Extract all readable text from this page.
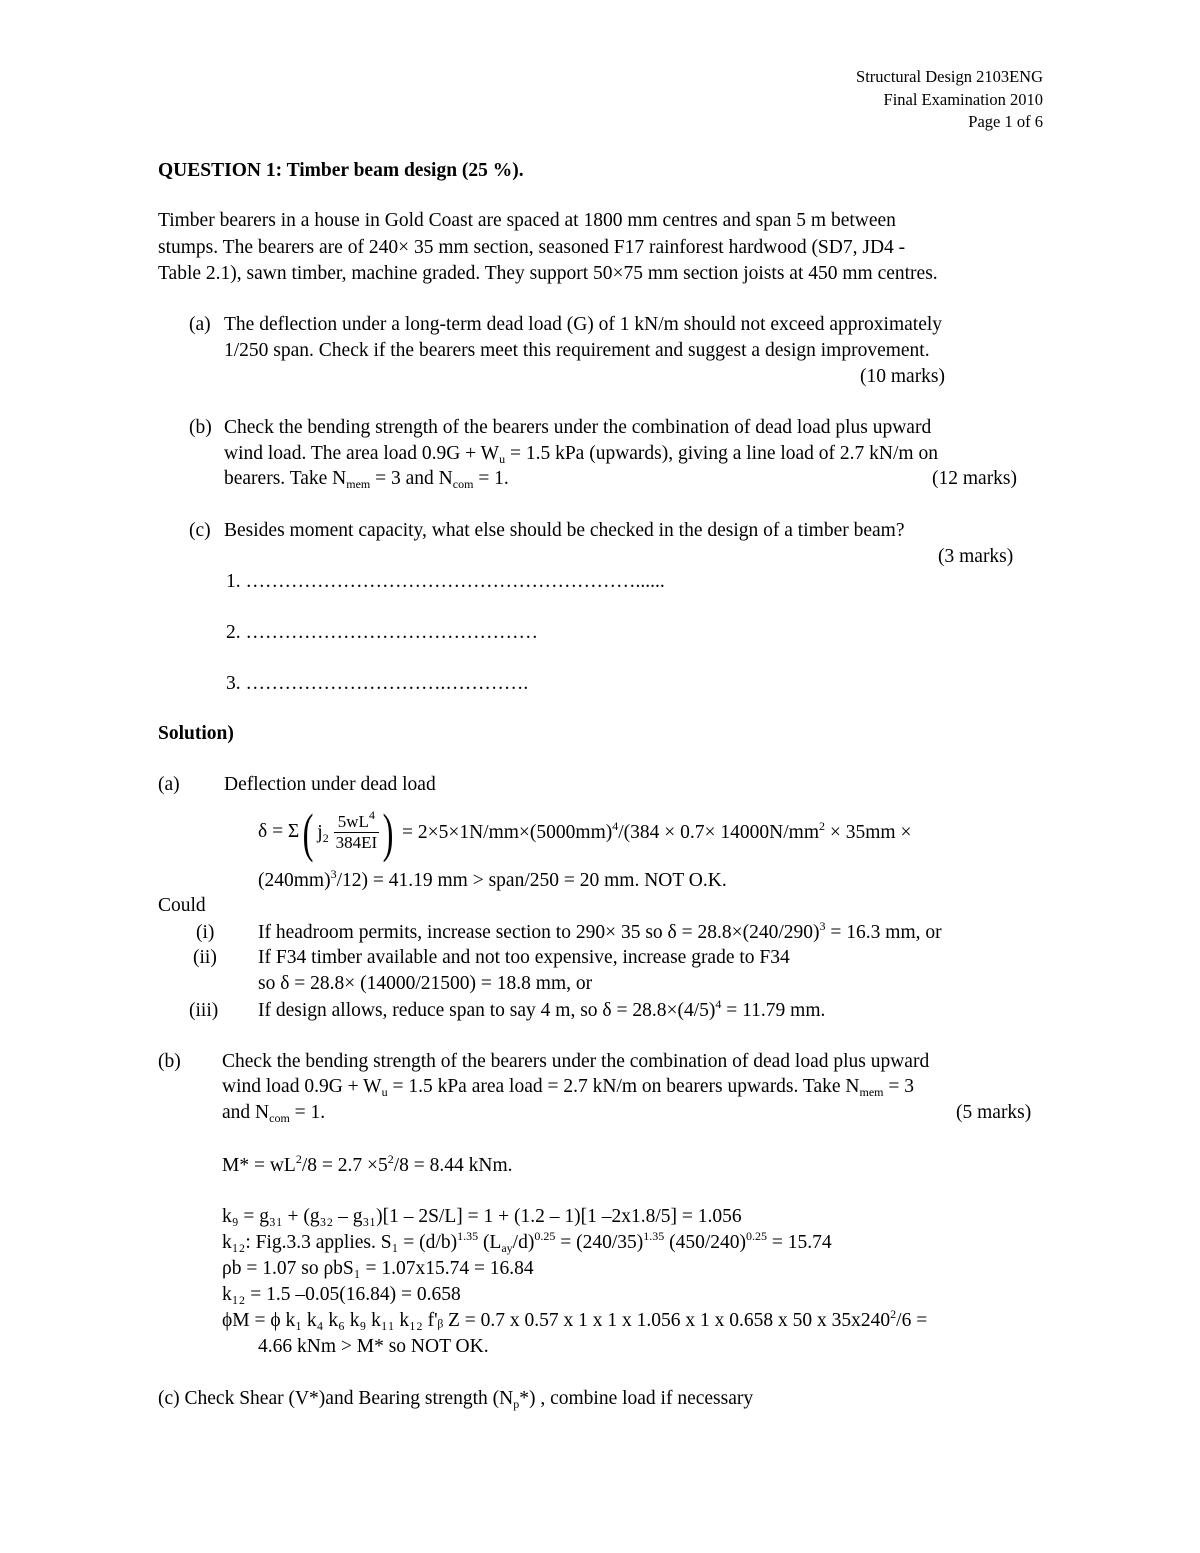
Structural Design 2103ENG
Final Examination 2010
Page 1 of 6
QUESTION 1: Timber beam design (25 %).
Timber bearers in a house in Gold Coast are spaced at 1800 mm centres and span 5 m between
stumps. The bearers are of 240× 35 mm section, seasoned F17 rainforest hardwood (SD7, JD4 -
Table 2.1), sawn timber, machine graded. They support 50×75 mm section joists at 450 mm centres.
(a) The deflection under a long-term dead load (G) of 1 kN/m should not exceed approximately
1/250 span. Check if the bearers meet this requirement and suggest a design improvement.
(10 marks)
(b) Check the bending strength of the bearers under the combination of dead load plus upward
wind load. The area load $0.9G + W_u = 1.5$ kPa (upwards), giving a line load of 2.7 kN/m on
bearers. Take $N_{mem} = 3$ and $N_{com} = 1$.	(12 marks)
(c) Besides moment capacity, what else should be checked in the design of a timber beam?
(3 marks)
1. ……………………………………………………......
2. ………………………………………
3. ………………………….………….
Solution)
(a) Deflection under dead load
δ = Σ( $j_2 \frac{5wL^4}{384EI}$ ) = $2\times 5\times 1N/mm\times(5000mm)^4/(384 \times 0.7\times 14000N/mm^2 \times 35mm$ ×
$(240mm)^3/12) = 41.19$ mm > span/250 = 20 mm. NOT O.K.
Could
(i) If headroom permits, increase section to 290× 35 so $\delta = 28.8\times(240/290)^3 = 16.3$ mm, or
(ii) If F34 timber available and not too expensive, increase grade to F34
so δ = 28.8× (14000/21500) = 18.8 mm, or
(iii) If design allows, reduce span to say 4 m, so $\delta = 28.8\times(4/5)^4 = 11.79$ mm.
(b) Check the bending strength of the bearers under the combination of dead load plus upward
wind load $0.9G + W_u = 1.5$ kPa area load = 2.7 kN/m on bearers upwards. Take $N_{mem} = 3$
and $N_{com} = 1$.	(5 marks)
$M* = wL^2/8 = 2.7 \times 5^2/8 = 8.44$ kNm.
k₉ = g₃₁ + (g₃₂ – g₃₁)[1 – 2S/L] = 1 + (1.2 – 1)[1 –2x1.8/5] = 1.056
k₁₂: Fig.3.3 applies. $S_1 = (d/b)^{1.35}$ $(L_{ay}/d)^{0.25} = (240/35)^{1.35}$ $(450/240)^{0.25} = 15.74$
ρb = 1.07 so ρbS₁ = 1.07x15.74 = 16.84
k₁₂ = 1.5 –0.05(16.84) = 0.658
ϕM = ϕ k₁ k₄ k₆ k₉ k₁₁ k₁₂ f'ᵦ Z = 0.7 x 0.57 x 1 x 1 x 1.056 x 1 x 0.658 x 50 x $35x240^2/6$ =
4.66 kNm > M* so NOT OK.
(c) Check Shear (V*)and Bearing strength $(N_p*)$ , combine load if necessary
